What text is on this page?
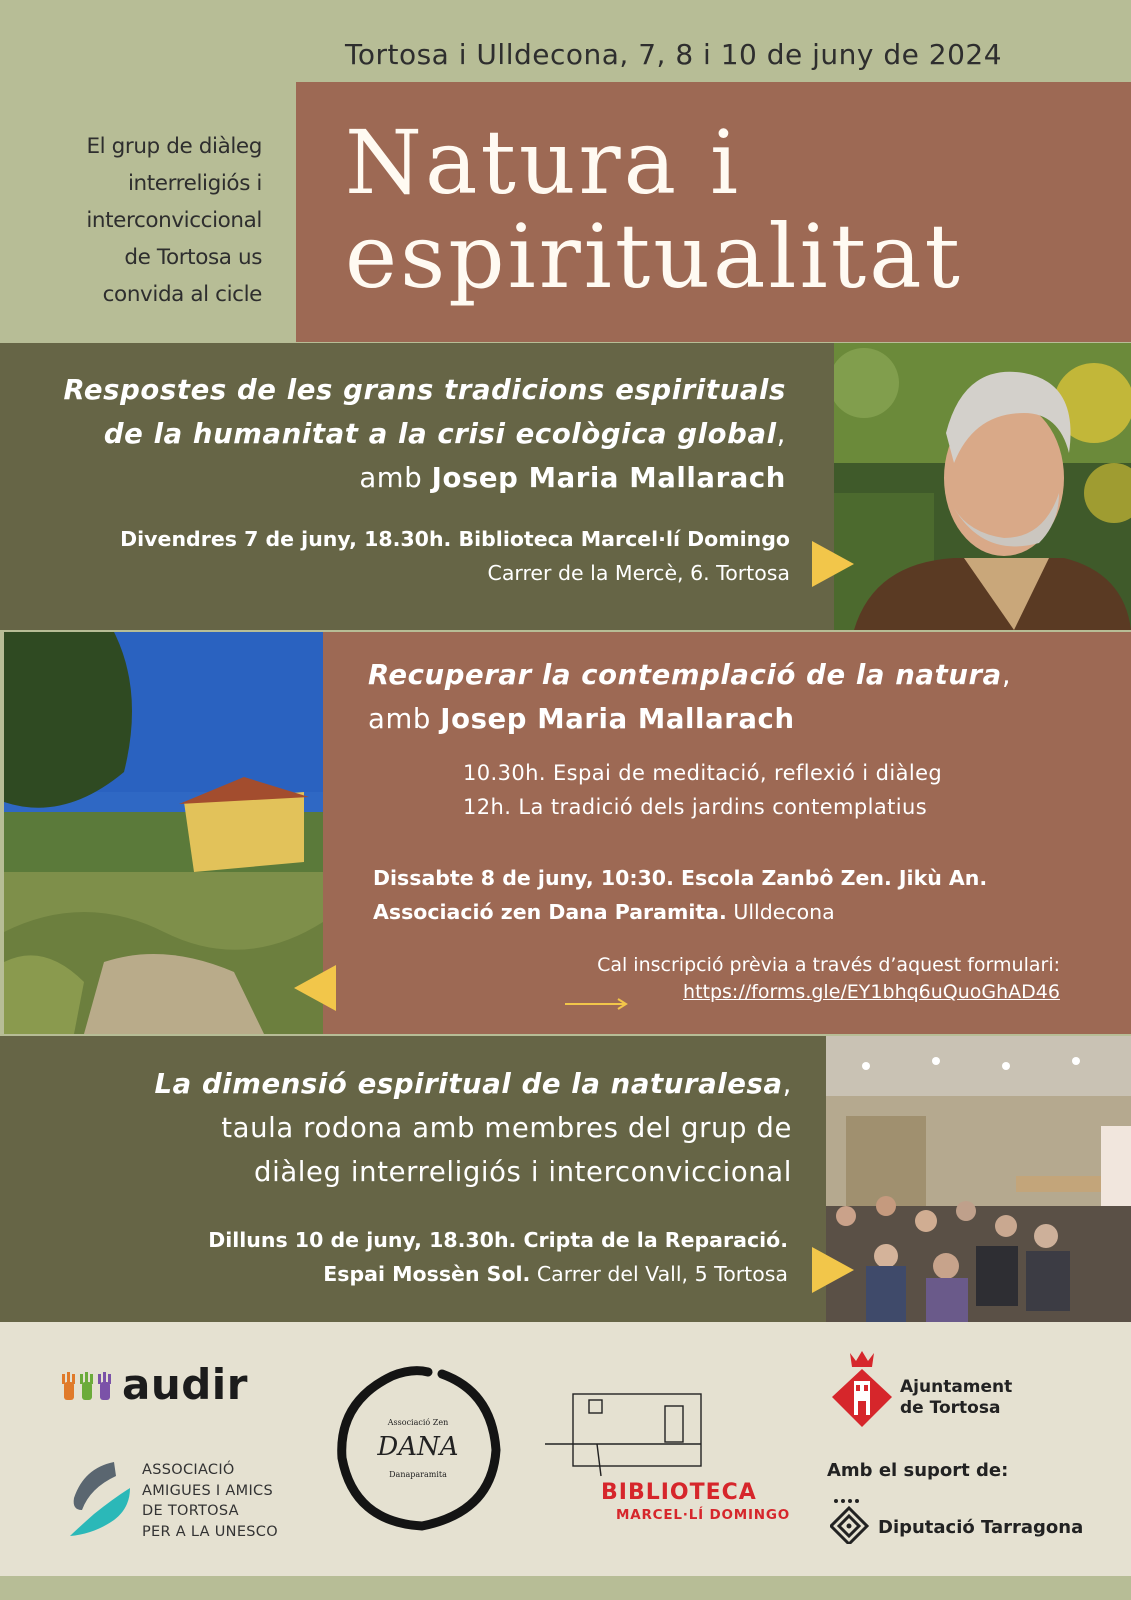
Tortosa i Ulldecona, 7, 8 i 10 de juny de 2024
El grup de diàleg
interreligiós i
interconviccional
de Tortosa us
convida al cicle
Natura i
espiritualitat
Respostes de les grans tradicions espirituals
de la humanitat a la crisi ecològica global,
amb Josep Maria Mallarach
Divendres 7 de juny, 18.30h. Biblioteca Marcel·lí Domingo
Carrer de la Mercè, 6. Tortosa
Recuperar la contemplació de la natura,
amb Josep Maria Mallarach
10.30h. Espai de meditació, reflexió i diàleg
12h. La tradició dels jardins contemplatius
Dissabte 8 de juny, 10:30. Escola Zanbô Zen. Jikù An.
Associació zen Dana Paramita. Ulldecona
Cal inscripció prèvia a través d’aquest formulari:
https://forms.gle/EY1bhq6uQuoGhAD46
La dimensió espiritual de la naturalesa,
taula rodona amb membres del grup de
diàleg interreligiós i interconviccional
Dilluns 10 de juny, 18.30h. Cripta de la Reparació.
Espai Mossèn Sol. Carrer del Vall, 5 Tortosa
audir
ASSOCIACIÓ
AMIGUES I AMICS
DE TORTOSA
PER A LA UNESCO
Associació Zen
DANA
Danaparamita
BIBLIOTECA
MARCEL·LÍ DOMINGO
Ajuntament
de Tortosa
Amb el suport de:
Diputació Tarragona
